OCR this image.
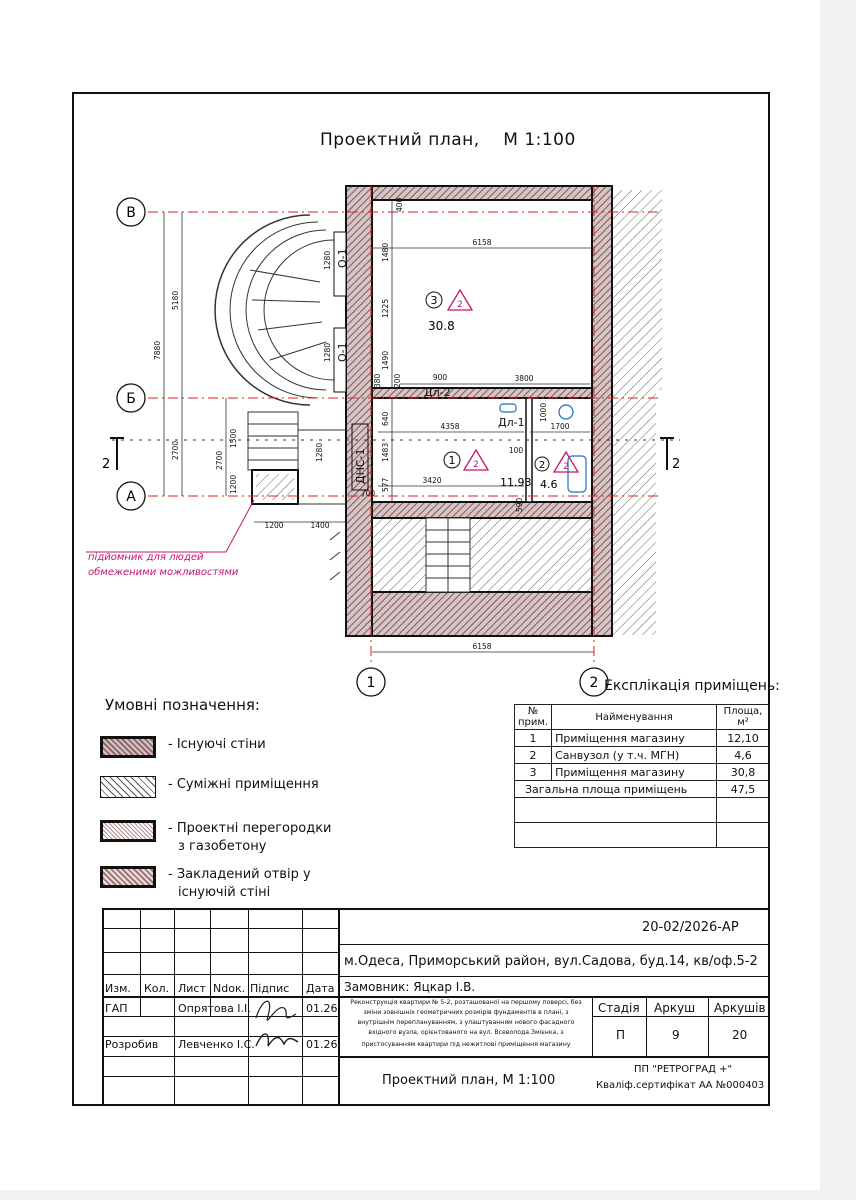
Проектний план,    М 1:100
2	2
В
Б
А
1	2
6158
6158
3800
900
4358
3420
1700
100
1200	1400
700
7880
5180
2700
2700
1500
1200
1280
1280
1280
1480
1225
1490
380 200
640
1483
577
400
1000
590
О-1
О-1
Дл-2
Дл-1
ДНС-1
3 2
30.8
1 2
11.93
2 2
4.6
підйомник для людей
обмеженими можливостями
Експлікація приміщень:
№ прим.	Найменування	Площа, м²
1	Приміщення магазину	12,10
2	Санвузол (у т.ч. МГН)	4,6
3	Приміщення магазину	30,8
Загальна площа приміщень		47,5

Умовні позначення:
- Існуючі стіни
- Суміжні приміщення
- Проектні перегородки
з газобетону
- Закладений отвір у
існуючій стіні
20-02/2026-АР
м.Одеса, Приморський район, вул.Садова, буд.14, кв/оф.5-2
Замовник: Яцкар І.В.
Изм. Кол. Лист Ndок. Підпис Дата
ГАП	Опрятова І.І.	01.26
Розробив Левченко І.С.	01.26
Реконструкція квартири № 5-2, розташованої на першому поверсі, без
зміни зовнішніх геометричних розмірів фундаментів в плані, з
внутрішнім переплануванням, з улаштуванням нового фасадного
вхідного вузла, орієнтованого на вул. Всеволода Змієнка, з
пристосуванням квартири під нежитлові приміщення магазину
Стадія Аркуш Аркушів
П	9	20
Проектний план, М 1:100
ПП "РЕТРОГРАД +"
Кваліф.сертифікат АА №000403
